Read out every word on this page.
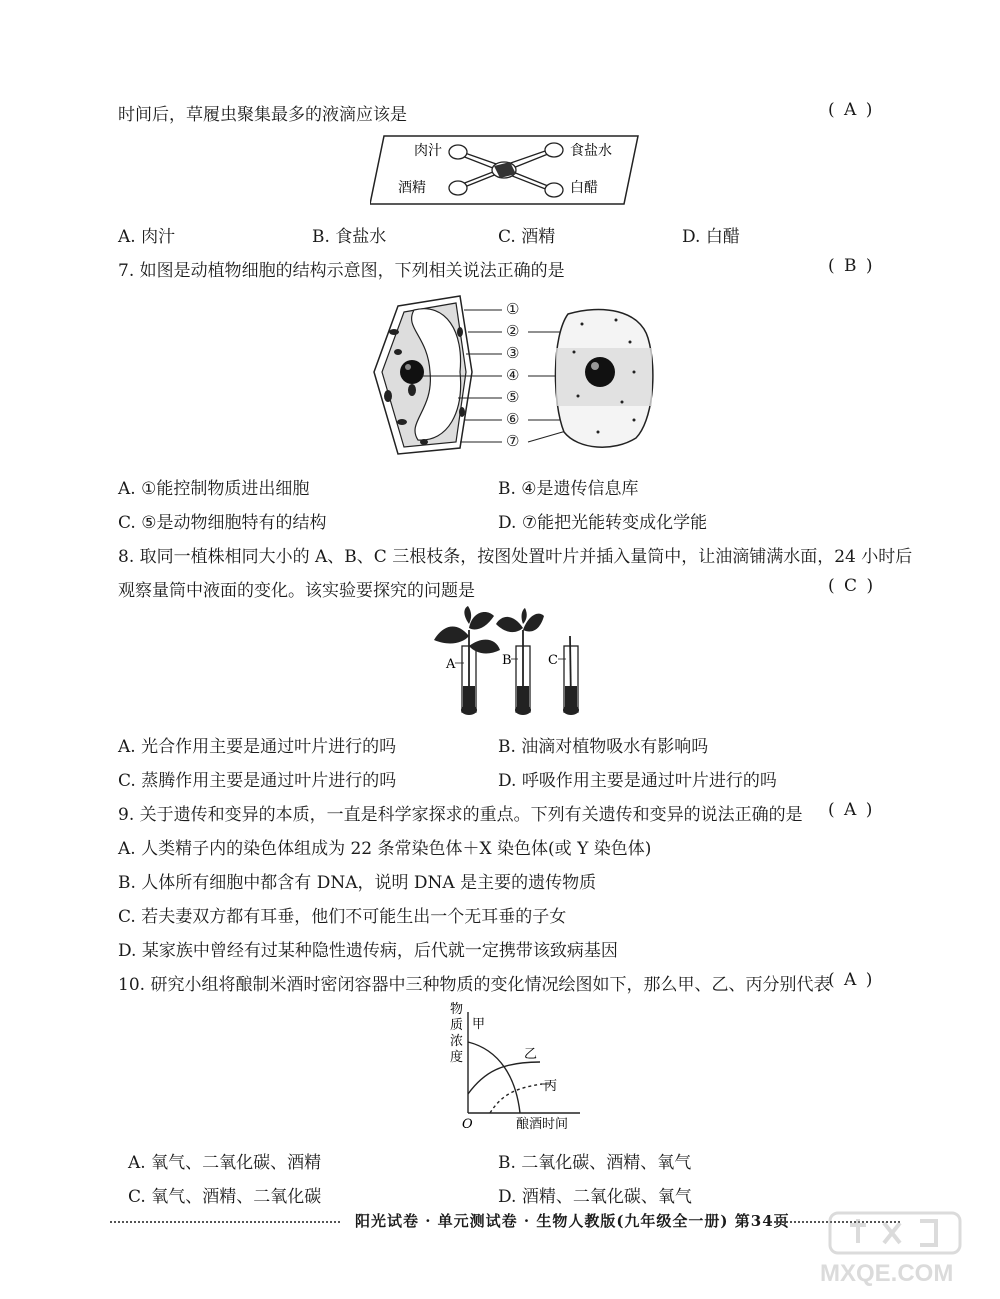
时间后，草履虫聚集最多的液滴应该是	( A )
肉汁	食盐水
酒精	白醋
A. 肉汁	B. 食盐水	C. 酒精	D. 白醋
7. 如图是动植物细胞的结构示意图，下列相关说法正确的是	( B )
①
②
③
④
⑤
⑥
⑦
A. ①能控制物质进出细胞	B. ④是遗传信息库
C. ⑤是动物细胞特有的结构	D. ⑦能把光能转变成化学能
8. 取同一植株相同大小的 A、B、C 三根枝条，按图处置叶片并插入量筒中，让油滴铺满水面，24 小时后
观察量筒中液面的变化。该实验要探究的问题是	( C )
A	B	C
A. 光合作用主要是通过叶片进行的吗	B. 油滴对植物吸水有影响吗
C. 蒸腾作用主要是通过叶片进行的吗	D. 呼吸作用主要是通过叶片进行的吗
9. 关于遗传和变异的本质，一直是科学家探求的重点。下列有关遗传和变异的说法正确的是 ( A )
A. 人类精子内的染色体组成为 22 条常染色体＋X 染色体(或 Y 染色体)
B. 人体所有细胞中都含有 DNA，说明 DNA 是主要的遗传物质
C. 若夫妻双方都有耳垂，他们不可能生出一个无耳垂的子女
D. 某家族中曾经有过某种隐性遗传病，后代就一定携带该致病基因
10. 研究小组将酿制米酒时密闭容器中三种物质的变化情况绘图如下，那么甲、乙、丙分别代表
( A )
物
质
浓
度
甲
乙
丙
O	酿酒时间
A. 氧气、二氧化碳、酒精	B. 二氧化碳、酒精、氧气
C. 氧气、酒精、二氧化碳	D. 酒精、二氧化碳、氧气
阳光试卷 · 单元测试卷 · 生物人教版(九年级全一册) 第34页
MXQE.COM
